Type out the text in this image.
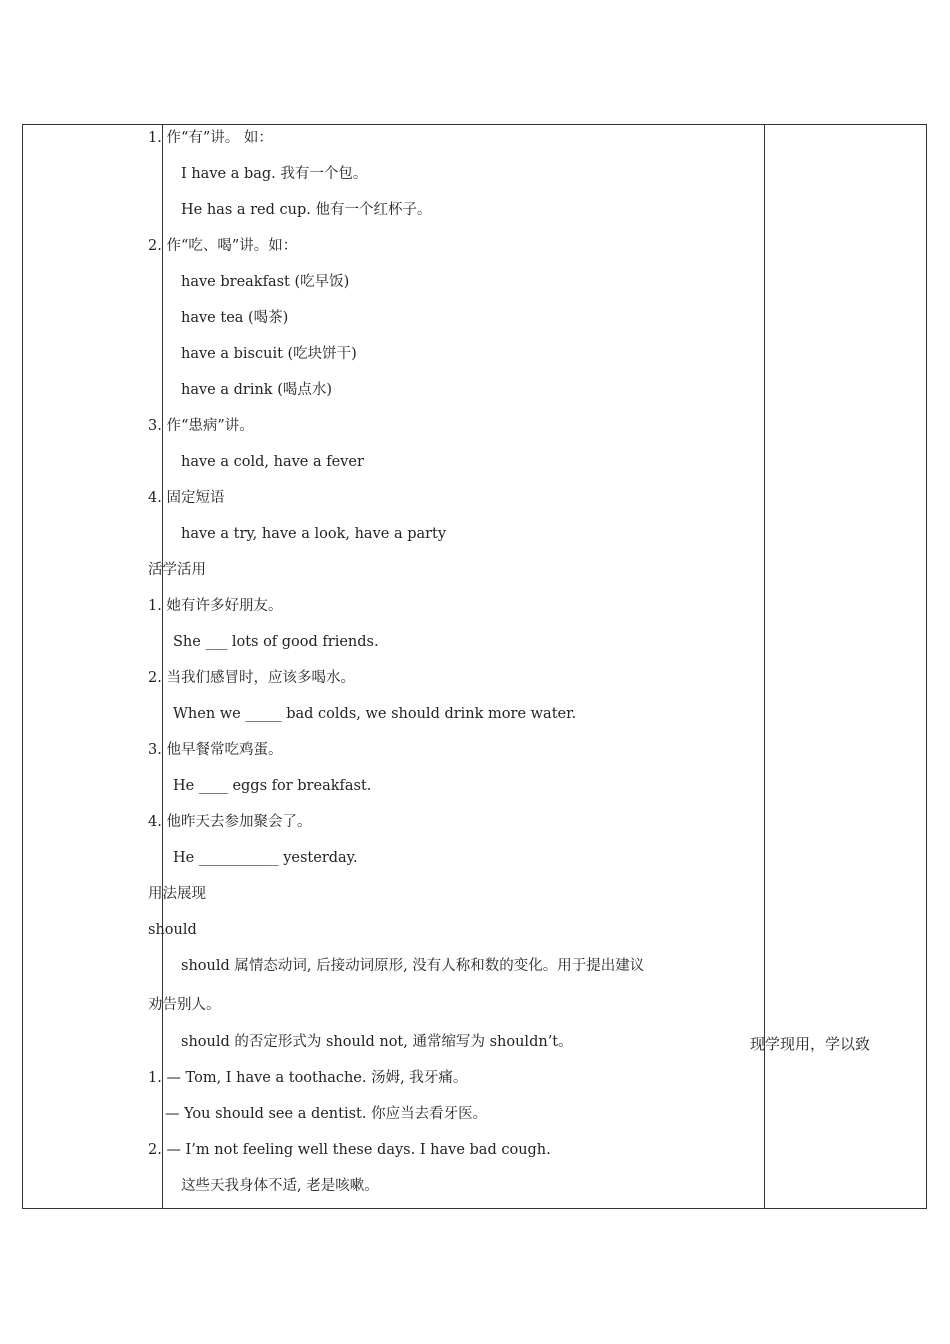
1. 作“有”讲。 如：
I have a bag. 我有一个包。
He has a red cup. 他有一个红杯子。
2. 作“吃、喝”讲。如：
have breakfast (吃早饭)
have tea (喝茶)
have a biscuit (吃块饼干)
have a drink (喝点水)
3. 作“患病”讲。
have a cold, have a fever
4. 固定短语
have a try, have a look, have a party
活学活用
1. 她有许多好朋友。
She ___ lots of good friends.
2. 当我们感冒时，应该多喝水。
When we _____ bad colds, we should drink more water.
3. 他早餐常吃鸡蛋。
He ____ eggs for breakfast.
4. 他昨天去参加聚会了。
He ___________ yesterday.
用法展现
should
should 属情态动词, 后接动词原形, 没有人称和数的变化。用于提出建议
劝告别人。
should 的否定形式为 should not, 通常缩写为 shouldn’t。
1. — Tom, I have a toothache. 汤姆, 我牙痛。
— You should see a dentist. 你应当去看牙医。
2. — I’m not feeling well these days. I have bad cough.
这些天我身体不适, 老是咳嗽。
现学现用，学以致
